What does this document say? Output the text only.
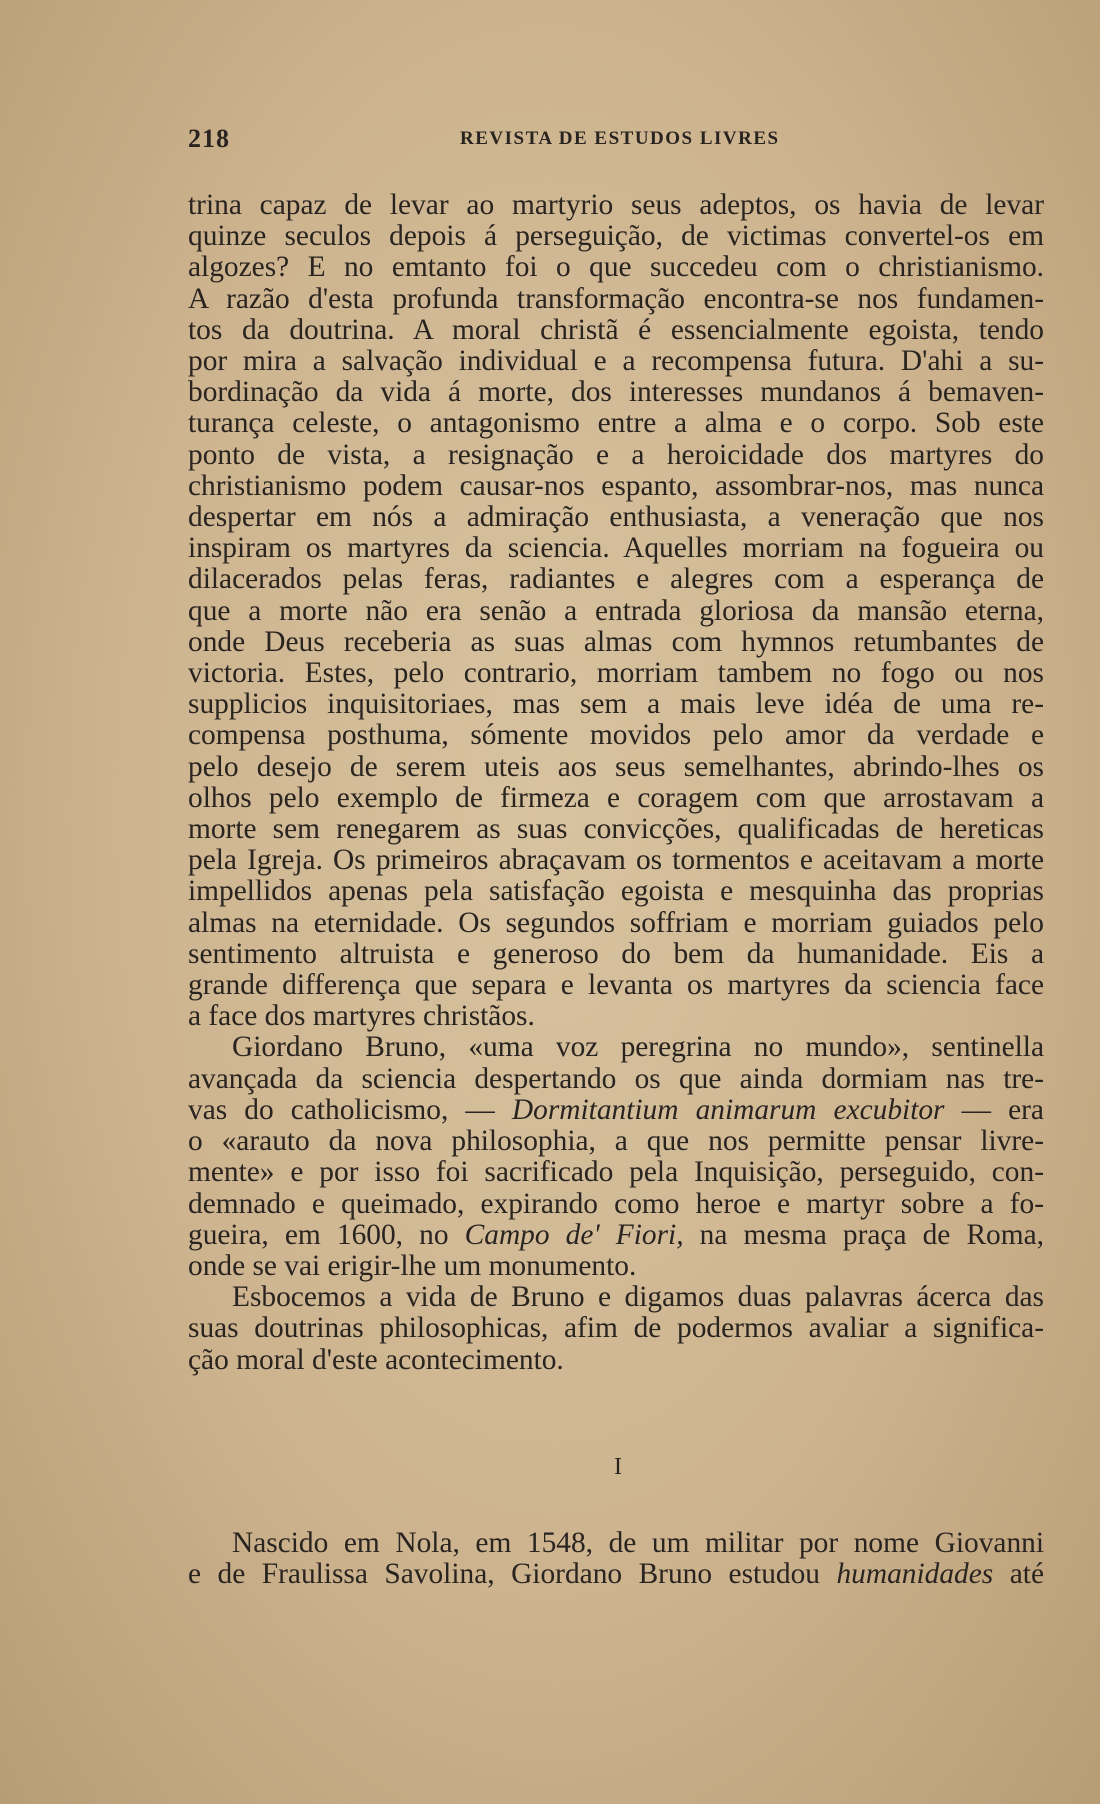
218	REVISTA DE ESTUDOS LIVRES
trina capaz de levar ao martyrio seus adeptos, os havia de levar
quinze seculos depois á perseguição, de victimas convertel-os em
algozes? E no emtanto foi o que succedeu com o christianismo.
A razão d'esta profunda transformação encontra-se nos fundamen-
tos da doutrina. A moral christã é essencialmente egoista, tendo
por mira a salvação individual e a recompensa futura. D'ahi a su-
bordinação da vida á morte, dos interesses mundanos á bemaven-
turança celeste, o antagonismo entre a alma e o corpo. Sob este
ponto de vista, a resignação e a heroicidade dos martyres do
christianismo podem causar-nos espanto, assombrar-nos, mas nunca
despertar em nós a admiração enthusiasta, a veneração que nos
inspiram os martyres da sciencia. Aquelles morriam na fogueira ou
dilacerados pelas feras, radiantes e alegres com a esperança de
que a morte não era senão a entrada gloriosa da mansão eterna,
onde Deus receberia as suas almas com hymnos retumbantes de
victoria. Estes, pelo contrario, morriam tambem no fogo ou nos
supplicios inquisitoriaes, mas sem a mais leve idéa de uma re-
compensa posthuma, sómente movidos pelo amor da verdade e
pelo desejo de serem uteis aos seus semelhantes, abrindo-lhes os
olhos pelo exemplo de firmeza e coragem com que arrostavam a
morte sem renegarem as suas convicções, qualificadas de hereticas
pela Igreja. Os primeiros abraçavam os tormentos e aceitavam a morte
impellidos apenas pela satisfação egoista e mesquinha das proprias
almas na eternidade. Os segundos soffriam e morriam guiados pelo
sentimento altruista e generoso do bem da humanidade. Eis a
grande differença que separa e levanta os martyres da sciencia face
a face dos martyres christãos.
Giordano Bruno, «uma voz peregrina no mundo», sentinella
avançada da sciencia despertando os que ainda dormiam nas tre-
vas do catholicismo, — Dormitantium animarum excubitor — era
o «arauto da nova philosophia, a que nos permitte pensar livre-
mente» e por isso foi sacrificado pela Inquisição, perseguido, con-
demnado e queimado, expirando como heroe e martyr sobre a fo-
gueira, em 1600, no Campo de' Fiori, na mesma praça de Roma,
onde se vai erigir-lhe um monumento.
Esbocemos a vida de Bruno e digamos duas palavras ácerca das
suas doutrinas philosophicas, afim de podermos avaliar a significa-
ção moral d'este acontecimento.
I
Nascido em Nola, em 1548, de um militar por nome Giovanni
e de Fraulissa Savolina, Giordano Bruno estudou humanidades até
